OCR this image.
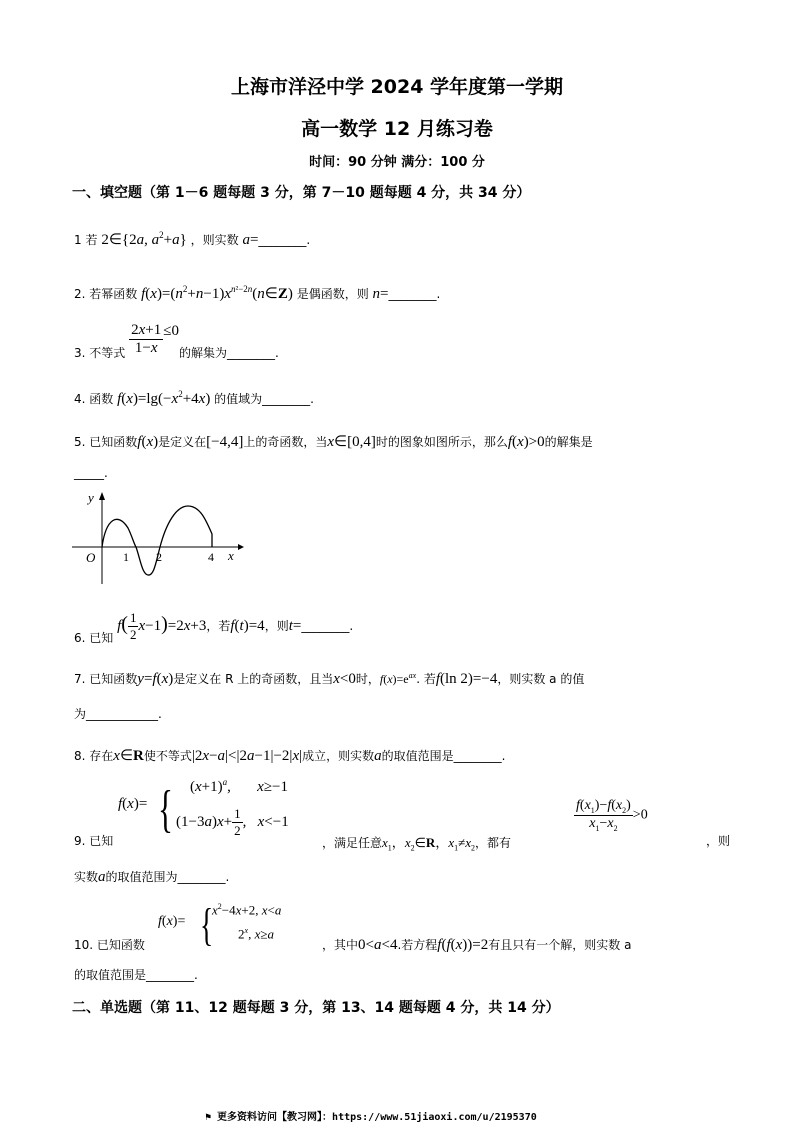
上海市洋泾中学 2024 学年度第一学期
高一数学 12 月练习卷
时间：90 分钟 满分：100 分
一、填空题（第 1－6 题每题 3 分，第 7－10 题每题 4 分，共 34 分）
1 若 2∈{2a, $a^2+a$} ，则实数 a=________.
2. 若幂函数 $f(x)=(n^2+n-1)x^{n^2-2n}(n\in Z)$ 是偶函数，则 n=________.
3. 不等式 $\frac{2x+1}{1-x} \le 0$的解集为________.
4. 函数 $f(x)=\lg(-x^2+4x)$ 的值域为________.
5. 已知函数f(x)是定义在[−4,4]上的奇函数，当x∈[0,4]时的图象如图所示，那么f(x)>0的解集是
_____.
y
x
O 1 2	4
6. 已知 $f( \frac{1}{2} x-1)=2x+3$，若f(t)=4，则t=________.
7. 已知函数y=f(x)是定义在 R 上的奇函数，且当x<0时，$f(x)=e^{ax}$. 若f(ln 2)=−4，则实数 a 的值
为____________.
8. 存在x∈R使不等式|2x−a|<|2a−1|−2|x|成立，则实数a的取值范围是________.
9. 已知
f(x)= { $(x+1)^a$,       x≥−1
$(1-3a)x+ \frac{1}{2}$ ,   x<−1
，满足任意$x_1$，$x_2\in R$，$x_1\ne x_2$，都有
$\frac{f(x_1)-f(x_2)}{x_1-x_2} >0$
，则
实数a的取值范围为________.
10. 已知函数
f(x)= {
$x^2-4x+2$, x<a
2$^x$, x≥a
，其中0<a<4.若方程f(f(x))=2有且只有一个解，则实数 a
的取值范围是________.
二、单选题（第 11、12 题每题 3 分，第 13、14 题每题 4 分，共 14 分）
⚑ 更多资料访问【教习网】：https://www.51jiaoxi.com/u/2195370
